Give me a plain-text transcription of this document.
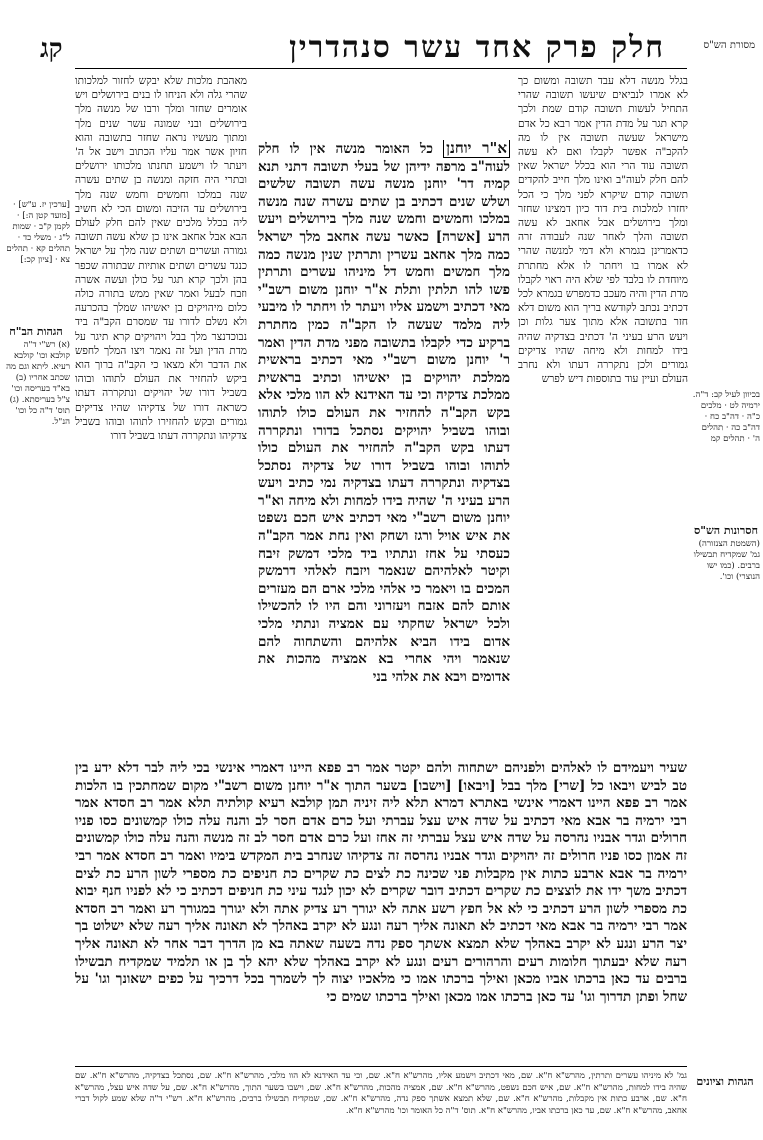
חלק פרק אחד עשר סנהדרין
קג	מסורת הש"ס
בגלל מנשה דלא עבד תשובה ומשום כך לא אמרו לנביאים שיעשו תשובה שהרי התחיל לעשות תשובה קודם שמת ולכך קרא תגר על מדת הדין אמר רבא כל אדם מישראל שעשה תשובה אין לו מה להקב"ה אפשר לקבלו ואם לא עשה תשובה עוד הרי הוא בכלל ישראל שאין להם חלק לעוה"ב ואינו מלך חייב להקדים תשובה קודם שיקרא לפני מלך כי הכל יחזרו למלכות בית דוד כיון דמצינו שחזר ומלך בירושלים אבל אחאב לא עשה תשובה והלך לאחר שנה לעבודה זרה כדאמרינן בגמרא ולא דמי למנשה שהרי לא אמרו בו ויחתר לו אלא מחתרת מיוחדת לו בלבד לפי שלא היה ראוי לקבלו מדת הדין והיה מעכב כדמפרש בגמרא לכל דכתיב נכתב לקודשא בריך הוא משום דלא חזר בתשובה אלא מתוך צער גלות וכן ויעש הרע בעיני ה' דכתיב בצדקיה שהיה בידו למחות ולא מיחה שהיו צדיקים גמורים ולכן נתקררה דעתו ולא נחרב העולם ועיין עוד בתוספות דיש לפרש
א"ר יוחנן כל האומר מנשה אין לו חלק לעוה"ב מרפה ידיהן של בעלי תשובה דתני תנא קמיה דר' יוחנן מנשה עשה תשובה שלשים ושלש שנים דכתיב בן שתים עשרה שנה מנשה במלכו וחמשים וחמש שנה מלך בירושלים ויעש הרע [אשרה] כאשר עשה אחאב מלך ישראל כמה מלך אחאב עשרין ותרתין שנין מנשה כמה מלך חמשים וחמש דל מיניהו עשרים ותרתין פשו להו תלתין ותלת א"ר יוחנן משום רשב"י מאי דכתיב וישמע אליו ויעתר לו ויחתר לו מיבעי ליה מלמד שעשה לו הקב"ה כמין מחתרת ברקיע כדי לקבלו בתשובה מפני מדת הדין ואמר ר' יוחנן משום רשב"י מאי דכתיב בראשית ממלכת יהויקים בן יאשיהו וכתיב בראשית ממלכת צדקיה וכי עד האידנא לא הוו מלכי אלא בקש הקב"ה להחזיר את העולם כולו לתוהו ובוהו בשביל יהויקים נסתכל בדורו ונתקררה דעתו בקש הקב"ה להחזיר את העולם כולו לתוהו ובוהו בשביל דורו של צדקיה נסתכל בצדקיה ונתקררה דעתו בצדקיה נמי כתיב ויעש הרע בעיני ה' שהיה בידו למחות ולא מיחה וא"ר יוחנן משום רשב"י מאי דכתיב איש חכם נשפט את איש אויל ורגז ושחק ואין נחת אמר הקב"ה כעסתי על אחז ונתתיו ביד מלכי דמשק זיבח וקיטר לאלהיהם שנאמר ויזבח לאלהי דרמשק המכים בו ויאמר כי אלהי מלכי ארם הם מעזרים אותם להם אזבח ויעזרוני והם היו לו להכשילו ולכל ישראל שחקתי עם אמציה ונתתי מלכי אדום בידו הביא אלהיהם והשתחוה להם שנאמר ויהי אחרי בא אמציה מהכות את אדומים ויבא את אלהי בני
מאהבת מלכות שלא יבקש לחזור למלכותו שהרי גלה ולא הניחו לו בנים בירושלים ויש אומרים שחזר ומלך ורבו של מנשה מלך בירושלים ובני שמונה עשר שנים מלך ומתוך מעשיו נראה שחזר בתשובה והוא חזיון אשר אמר עליו הכתוב וישב אל ה' ויעתר לו וישמע תחנתו מלכותו ירושלים ובתרי היה חזקה ומנשה בן שתים עשרה שנה במלכו וחמשים וחמש שנה מלך בירושלים עד הזיבה ומשום הכי לא חשיב ליה בכלל מלכים שאין להם חלק לעולם הבא אבל אחאב אינו כן שלא עשה תשובה גמורה ועשרים ושתים שנה מלך על ישראל כנגד עשרים ושתים אותיות שבתורה שכפר בהן ולכך קרא תגר על כולן ועשה אשרה וזבח לבעל ואמר שאין ממש בתורה כולה כלום מיהויקים בן יאשיהו שמלך בהכרעה ולא נשלם לדורו עד שמסרם הקב"ה ביד נבוכדנצר מלך בבל ויהויקים קרא תיגר על מדת הדין ועל זה נאמר ויצו המלך לחפש את הדבר ולא מצאו כי הקב"ה ברוך הוא ביקש להחזיר את העולם לתוהו ובוהו בשביל דורו של יהויקים ונתקררה דעתו כשראה דורו של צדקיהו שהיו צדיקים גמורים ובקש להחזירו לתוהו ובוהו בשביל צדקיהו ונתקררה דעתו בשביל דורו
[ערכין יז. ע"ש] · [מועד קטן ה:] · לקמן ק"ב · שמות ל"ג · משלי כד · תהלים קא · תהלים צא · [ציון קכ:]
הגהות הב"ח
(א) רש"י ד"ה קולבא וכו' קולבא רעיא. ליתא וגם מה שכתב אחריו (ב) בא"ד בעריסה וכו' צ"ל בעריסתא. (ג) תוס' ד"ה כל וכו' הנ"ל.
בכיוון לעיל קב: ד"ה. ירמיה לט · מלכים כ"ה · דה"ב כח · דה"ב כה · תהלים ה' · תהלים קמ
חסרונות הש"ס
(השמטת הצנזורה) גמ' שמקדיח תבשילו ברבים. (כמו ישו הנוצרי) וכו'.
שעיר ויעמידם לו לאלהים ולפניהם ישתחוה ולהם יקטר אמר רב פפא היינו דאמרי אינשי בכי ליה לבר דלא ידע בין טב לביש ויבאו כל [שרי] מלך בבל [ויבאו] [וישבו] בשער התוך א"ר יוחנן משום רשב"י מקום שמחתכין בו הלכות אמר רב פפא היינו דאמרי אינשי באתרא דמרא תלא ליה זיניה תמן קולבא רעיא קולתיה תלא אמר רב חסדא אמר רבי ירמיה בר אבא מאי דכתיב על שדה איש עצל עברתי ועל כרם אדם חסר לב והנה עלה כולו קמשונים כסו פניו חרולים וגדר אבניו נהרסה על שדה איש עצל עברתי זה אחז ועל כרם אדם חסר לב זה מנשה והנה עלה כולו קמשונים זה אמון כסו פניו חרולים זה יהויקים וגדר אבניו נהרסה זה צדקיהו שנחרב בית המקדש בימיו ואמר רב חסדא אמר רבי ירמיה בר אבא ארבע כתות אין מקבלות פני שכינה כת לצים כת שקרים כת חניפים כת מספרי לשון הרע כת לצים דכתיב משך ידו את לוצצים כת שקרים דכתיב דובר שקרים לא יכון לנגד עיני כת חניפים דכתיב כי לא לפניו חנף יבוא כת מספרי לשון הרע דכתיב כי לא אל חפץ רשע אתה לא יגורך רע צדיק אתה ולא יגורך במגורך רע ואמר רב חסדא אמר רבי ירמיה בר אבא מאי דכתיב לא תאונה אליך רעה ונגע לא יקרב באהלך לא תאונה אליך רעה שלא ישלוט בך יצר הרע ונגע לא יקרב באהלך שלא תמצא אשתך ספק נדה בשעה שאתה בא מן הדרך דבר אחר לא תאונה אליך רעה שלא יבעתוך חלומות רעים והרהורים רעים ונגע לא יקרב באהלך שלא יהא לך בן או תלמיד שמקדיח תבשילו ברבים עד כאן ברכתו אביו מכאן ואילך ברכתו אמו כי מלאכיו יצוה לך לשמרך בכל דרכיך על כפים ישאונך וגו' על שחל ופתן תדרוך וגו' עד כאן ברכתו אמו מכאן ואילך ברכתו שמים כי
הגהות וציונים
גמ' לא מיניהו עשרים ותרתין, מהרש"א ח"א. שם, מאי דכתיב וישמע אליו, מהרש"א ח"א. שם, וכי עד האידנא לא הוו מלכי, מהרש"א ח"א. שם, נסתכל בצדקיה, מהרש"א ח"א. שם שהיה בידו למחות, מהרש"א ח"א. שם, איש חכם נשפט, מהרש"א ח"א. שם, אמציה מהכות, מהרש"א ח"א. שם, וישבו בשער התוך, מהרש"א ח"א. שם, על שדה איש עצל, מהרש"א ח"א. שם, ארבע כתות אין מקבלות, מהרש"א ח"א. שם, שלא תמצא אשתך ספק נדה, מהרש"א ח"א. שם, שמקדיח תבשילו ברבים, מהרש"א ח"א. רש"י ד"ה שלא שמע לקול דברי אחאב, מהרש"א ח"א. שם, עד כאן ברכתו אביו, מהרש"א ח"א. תוס' ד"ה כל האומר וכו' מהרש"א ח"א.
